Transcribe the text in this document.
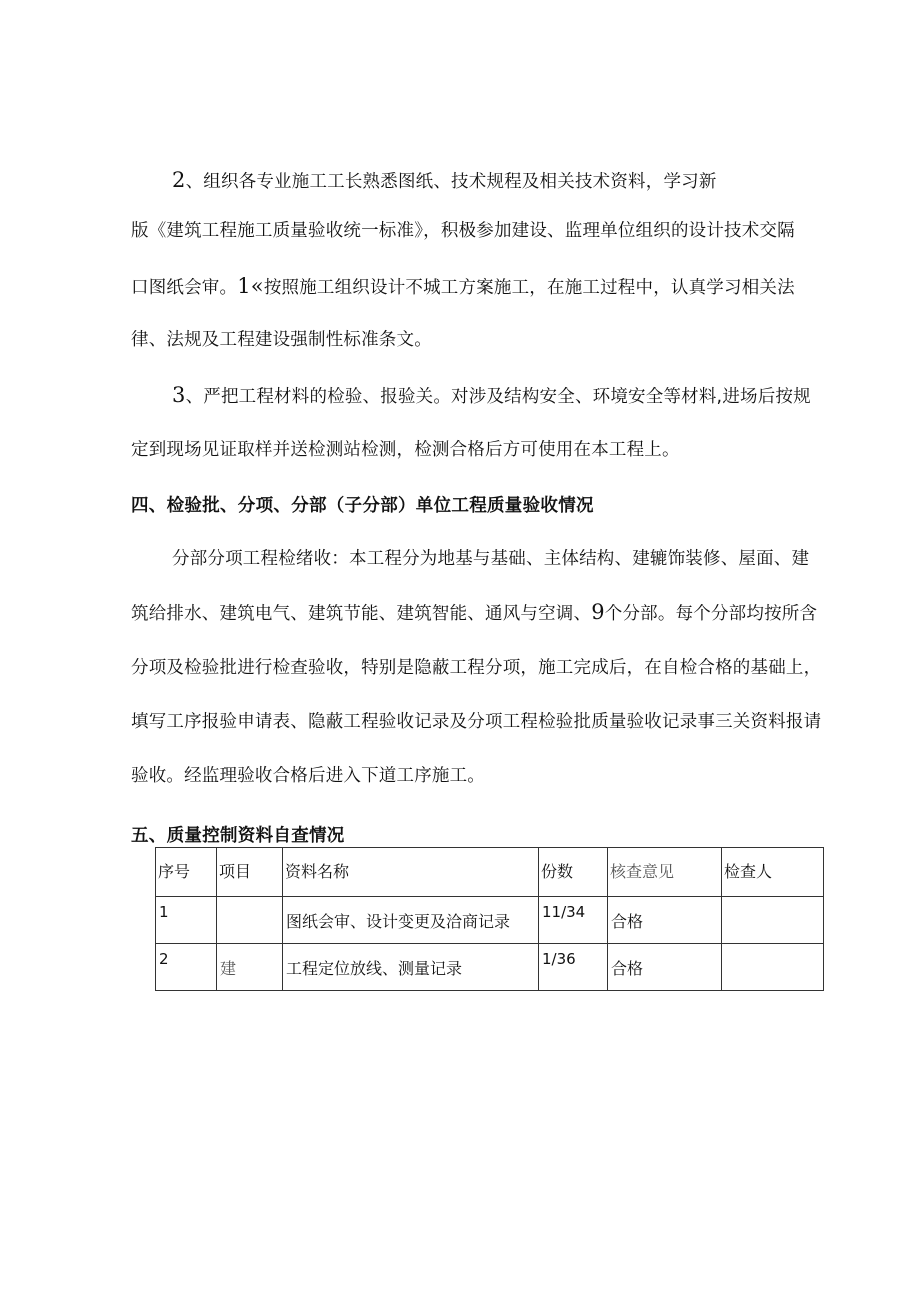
2、组织各专业施工工长熟悉图纸、技术规程及相关技术资料，学习新
版《建筑工程施工质量验收统一标准》，积极参加建设、监理单位组织的设计技术交隔
口图纸会审。1«按照施工组织设计不城工方案施工，在施工过程中，认真学习相关法
律、法规及工程建设强制性标准条文。
3、严把工程材料的检验、报验关。对涉及结构安全、环境安全等材料,进场后按规
定到现场见证取样并送检测站检测，检测合格后方可使用在本工程上。
四、检验批、分项、分部（子分部）单位工程质量验收情况
分部分项工程检绪收：本工程分为地基与基础、主体结构、建辘饰装修、屋面、建
筑给排水、建筑电气、建筑节能、建筑智能、通风与空调、9个分部。每个分部均按所含
分项及检验批进行检查验收，特别是隐蔽工程分项，施工完成后，在自检合格的基础上，
填写工序报验申请表、隐蔽工程验收记录及分项工程检验批质量验收记录事三关资料报请
验收。经监理验收合格后进入下道工序施工。
五、质量控制资料自查情况
序号	项目	资料名称	份数	核查意见	检查人

1		图纸会审、设计变更及洽商记录	11/34	合格	

2	建	工程定位放线、测量记录	1/36	合格	
